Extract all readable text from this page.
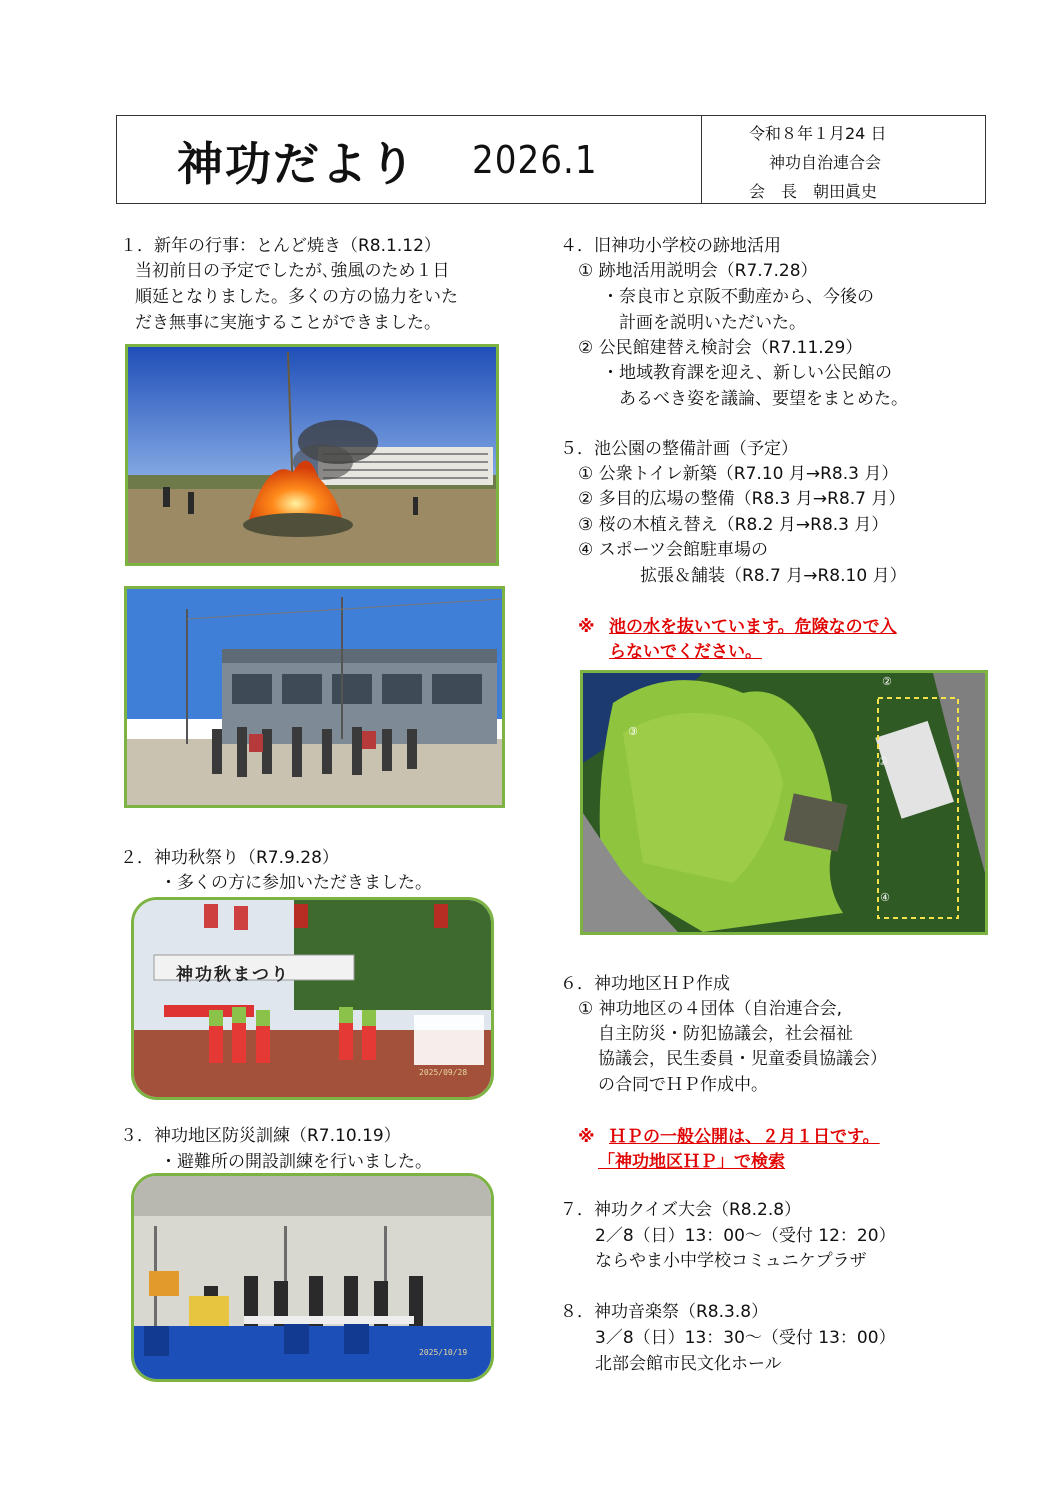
神功だより 2026.1
令和８年１月24 日
神功自治連合会
会　長　朝田眞史
１．新年の行事：とんど焼き（R8.1.12）
当初前日の予定でしたが､強風のため１日
順延となりました。多くの方の協力をいた
だき無事に実施することができました。
２．神功秋祭り（R7.9.28）
・多くの方に参加いただきました。
神功秋まつり
2025/09/28
３．神功地区防災訓練（R7.10.19）
・避難所の開設訓練を行いました。
2025/10/19
４．旧神功小学校の跡地活用
① 跡地活用説明会（R7.7.28）
・奈良市と京阪不動産から、今後の
計画を説明いただいた。
② 公民館建替え検討会（R7.11.29）
・地域教育課を迎え、新しい公民館の
あるべき姿を議論、要望をまとめた。
５．池公園の整備計画（予定）
① 公衆トイレ新築（R7.10 月→R8.3 月）
② 多目的広場の整備（R8.3 月→R8.7 月）
③ 桜の木植え替え（R8.2 月→R8.3 月）
④ スポーツ会館駐車場の
拡張＆舗装（R8.7 月→R8.10 月）
※ 池の水を抜いています。危険なので入
らないでください。
③
②
①
④
６．神功地区ＨＰ作成
① 神功地区の４団体（自治連合会,
自主防災・防犯協議会，社会福祉
協議会，民生委員・児童委員協議会）
の合同でＨＰ作成中。
※ ＨＰの一般公開は、２月１日です。
「神功地区ＨＰ」で検索
７．神功クイズ大会（R8.2.8）
2／8（日）13：00～（受付 12：20）
ならやま小中学校コミュニケプラザ
８．神功音楽祭（R8.3.8）
3／8（日）13：30～（受付 13：00）
北部会館市民文化ホール
